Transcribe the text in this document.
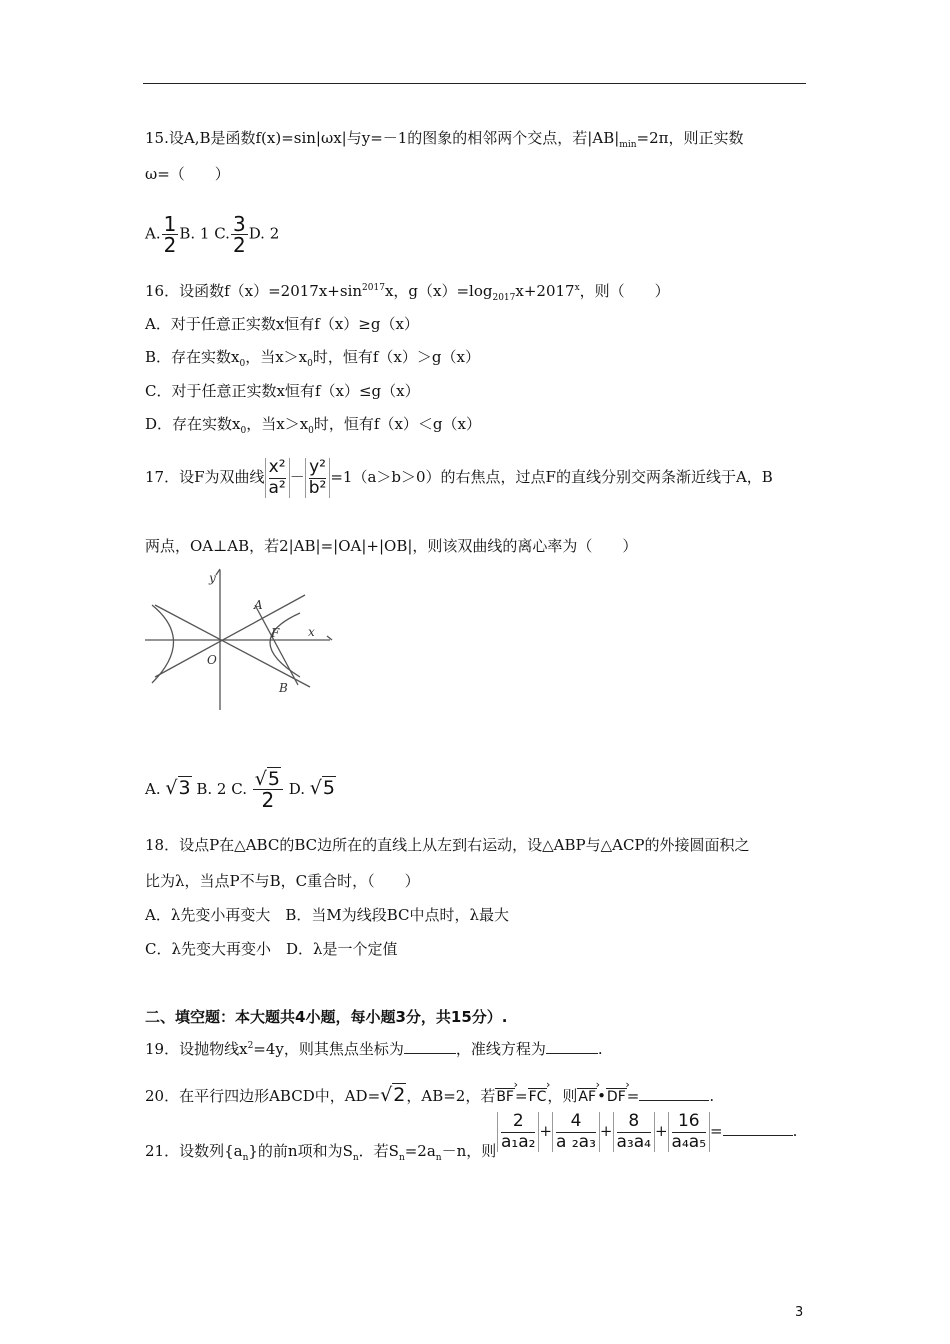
15.设A,B是函数f(x)=sin|ωx|与y=－1的图象的相邻两个交点，若$|AB|_{min}=2\pi$，则正实数
ω=（　　）
A. $\frac{1}{2} B$. 1 C. $\frac{3}{2} D$. 2
16．设函数$f(x)=2017x+\sin^{2017}x$，$g(x)=\log_{2017}x+2017^x$，则（　　）
A．对于任意正实数x恒有f（x）≥g（x）
B．存在实数$x_0$，当$x>x_0$时，恒有f（x）＞g（x）
C．对于任意正实数x恒有f（x）≤g（x）
D．存在实数$x_0$，当$x>x_0$时，恒有f（x）＜g（x）
17．设F为双曲线$\frac{\text{x²}}{\text{a²}} -\frac{\text{y²}}{\text{b²}} =1(a>b>0)$的右焦点，过点F的直线分别交两条渐近线于A，B
两点，OA⊥AB，若2|AB|=|OA|+|OB|，则该双曲线的离心率为（　　）
y
x
O
A
F
B
A. √3 B. 2 C. $\frac{√5}{2} D$. √5
18．设点P在△ABC的BC边所在的直线上从左到右运动，设△ABP与△ACP的外接圆面积之
比为λ，当点P不与B，C重合时，（　　）
A．λ先变小再变大　B．当M为线段BC中点时，λ最大
C．λ先变大再变小　D．λ是一个定值
二、填空题：本大题共4小题，每小题3分，共15分）.
19．设抛物线$x^2=4y$，则其焦点坐标为	，准线方程为	.
20．在平行四边形ABCD中，AD=√2，AB=2，若BF ›=FC ›，则AF ›•DF ›=	.
21．设数列$\{a_n\}$的前n项和为$S_n$．若$S_n=2a_n-n$，则 $\frac{2}{\text{a₁a₂}} +\frac{4}{\text{a ₂a₃}} +\frac{8}{\text{a₃a₄}} +\frac{16}{\text{a₄a₅}}$ =	.
3
